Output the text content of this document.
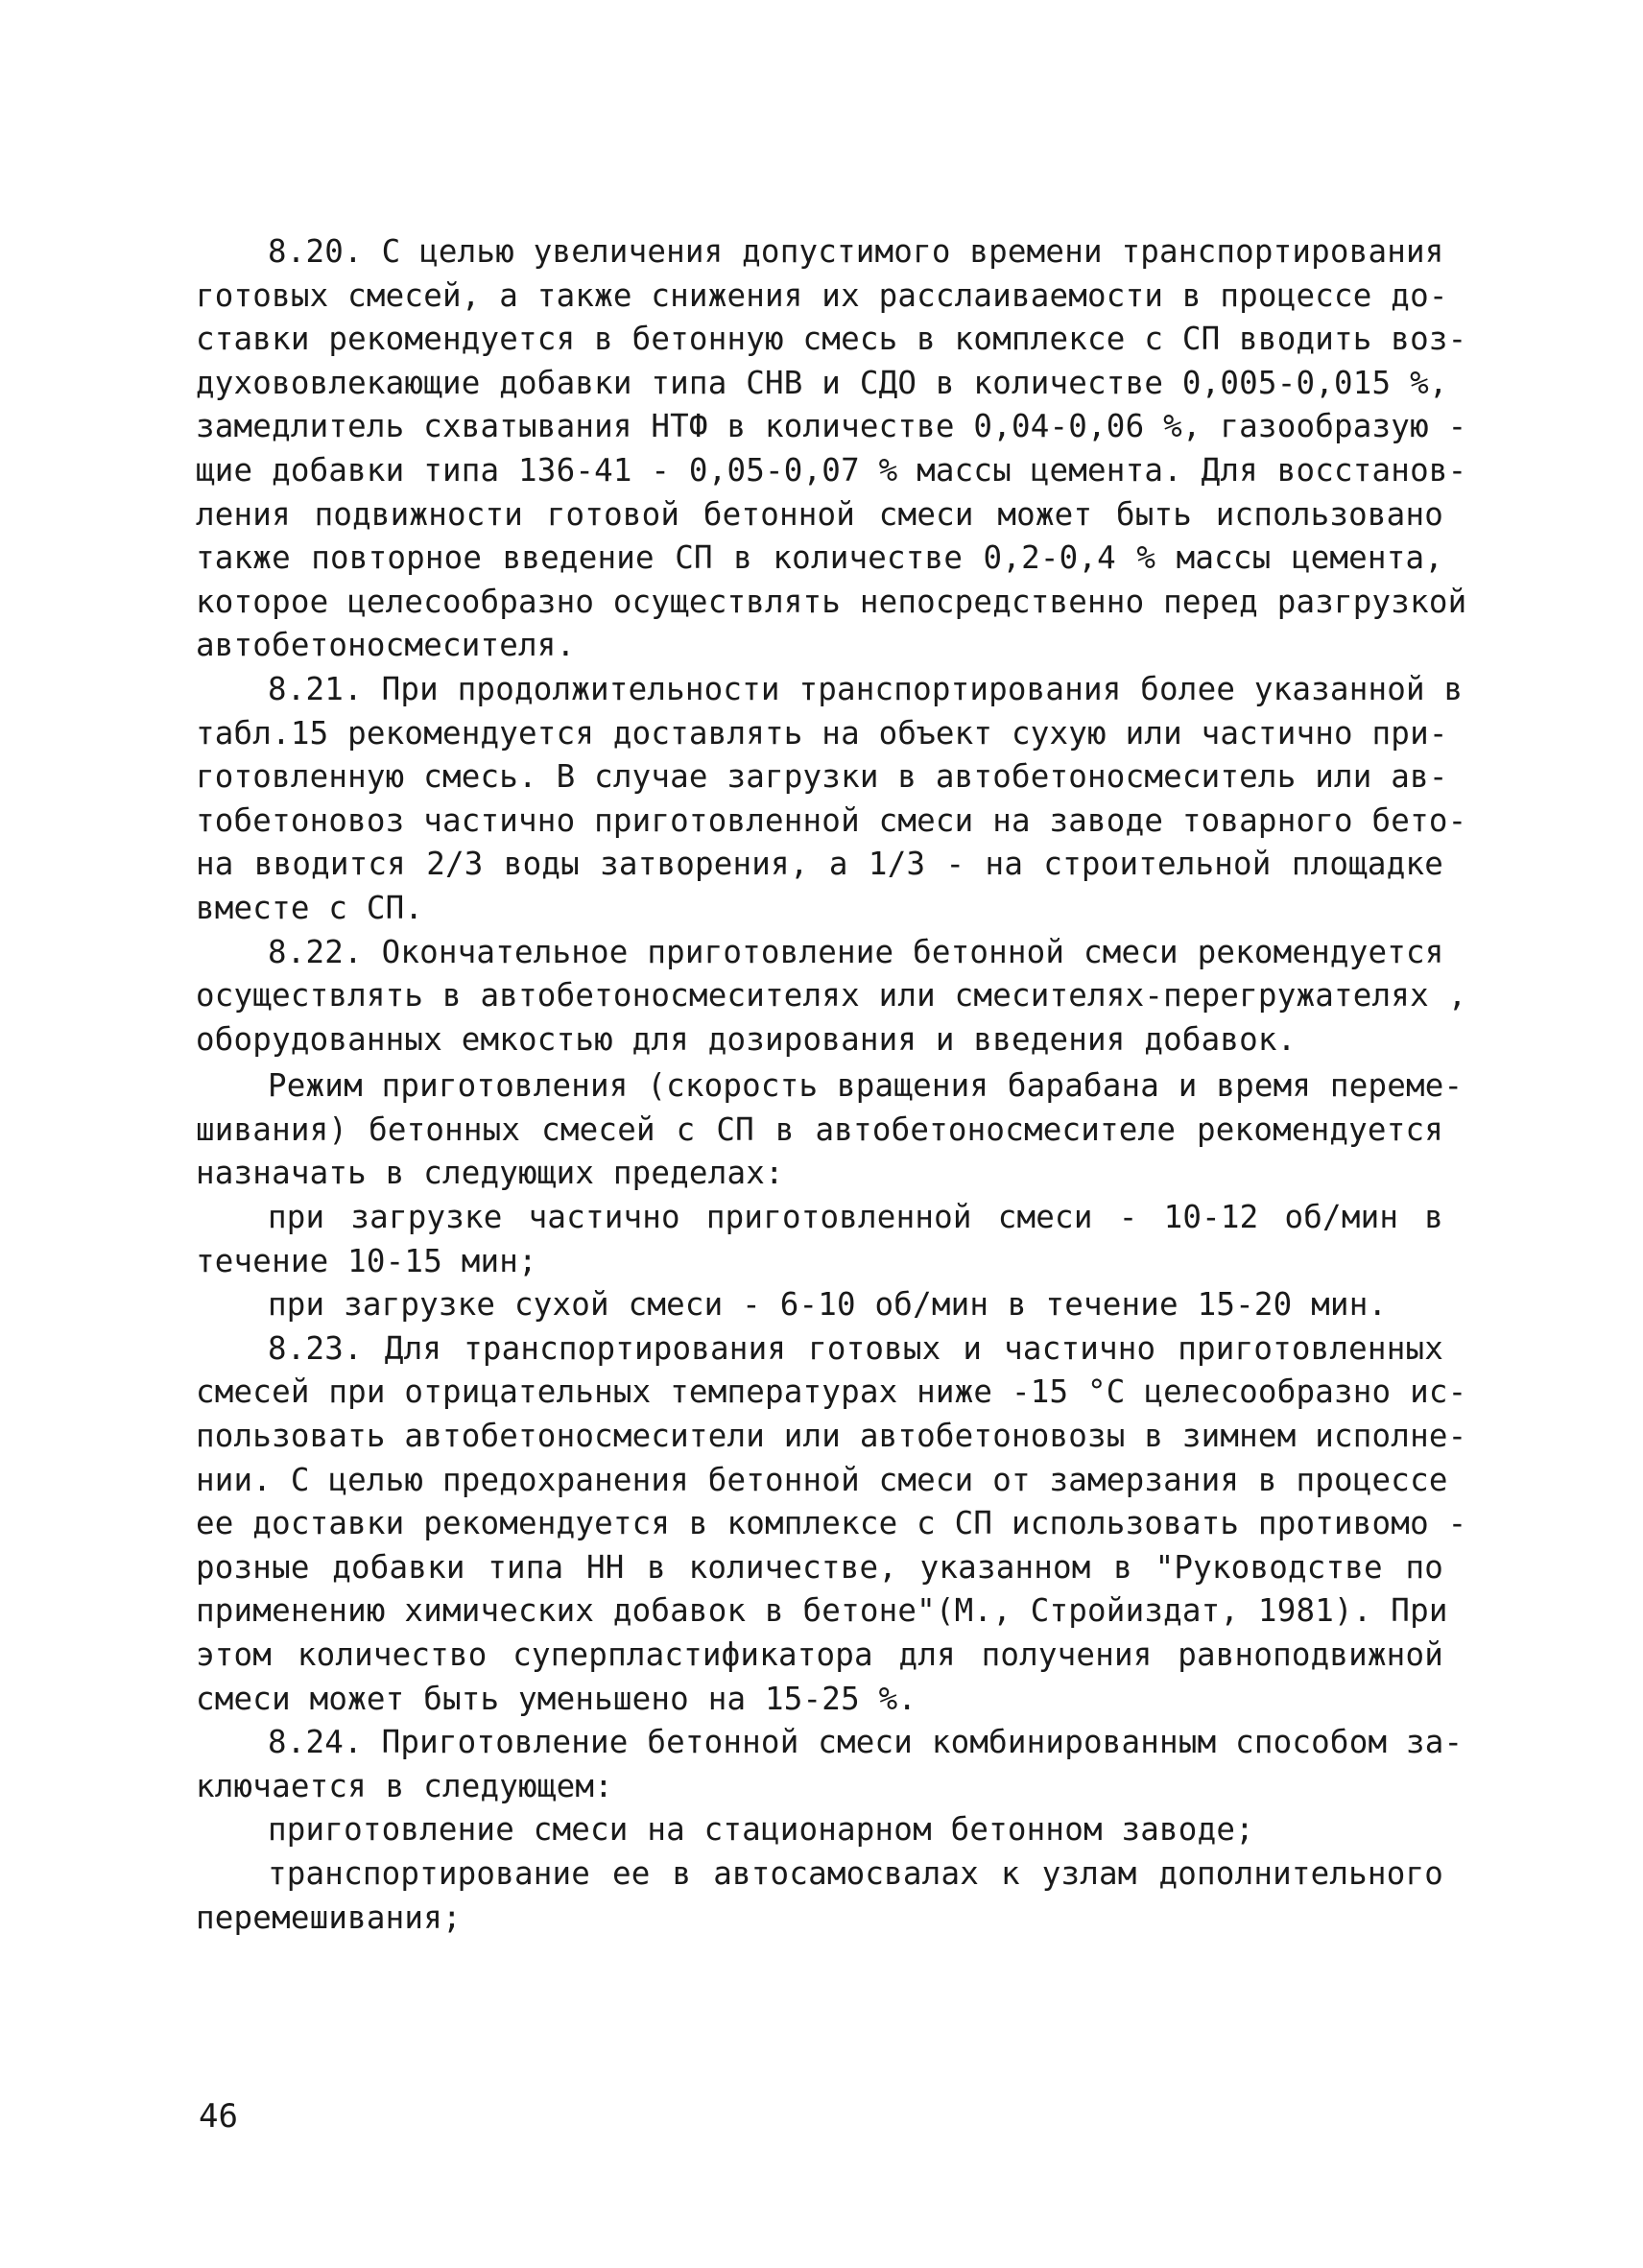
8.20. С целью увеличения допустимого времени транспортирования
готовых смесей, а также снижения их расслаиваемости в процессе до-
ставки рекомендуется в бетонную смесь в комплексе с СП вводить воз-
духововлекающие добавки типа СНВ и СДО в количестве 0,005-0,015 %,
замедлитель схватывания НТФ в количестве 0,04-0,06 %, газообразую -
щие добавки типа 136-41 - 0,05-0,07 % массы цемента. Для восстанов-
ления подвижности готовой бетонной смеси может быть использовано
также повторное введение СП в количестве 0,2-0,4 % массы цемента,
которое целесообразно осуществлять непосредственно перед разгрузкой
автобетоносмесителя.
8.21. При продолжительности транспортирования более указанной в
табл.15 рекомендуется доставлять на объект сухую или частично при-
готовленную смесь. В случае загрузки в автобетоносмеситель или ав-
тобетоновоз частично приготовленной смеси на заводе товарного бето-
на вводится 2/3 воды затворения, а 1/3 - на строительной площадке
вместе с СП.
8.22. Окончательное приготовление бетонной смеси рекомендуется
осуществлять в автобетоносмесителях или смесителях-перегружателях ,
оборудованных емкостью для дозирования и введения добавок.
Режим приготовления (скорость вращения барабана и время переме-
шивания) бетонных смесей с СП в автобетоносмесителе рекомендуется
назначать в следующих пределах:
при загрузке частично приготовленной смеси - 10-12 об/мин в
течение 10-15 мин;
при загрузке сухой смеси - 6-10 об/мин в течение 15-20 мин.
8.23. Для транспортирования готовых и частично приготовленных
смесей при отрицательных температурах ниже -15 °С целесообразно ис-
пользовать автобетоносмесители или автобетоновозы в зимнем исполне-
нии. С целью предохранения бетонной смеси от замерзания в процессе
ее доставки рекомендуется в комплексе с СП использовать противомо -
розные добавки типа НН в количестве, указанном в "Руководстве по
применению химических добавок в бетоне"(М., Стройиздат, 1981). При
этом количество суперпластификатора для получения равноподвижной
смеси может быть уменьшено на 15-25 %.
8.24. Приготовление бетонной смеси комбинированным способом за-
ключается в следующем:
приготовление смеси на стационарном бетонном заводе;
транспортирование ее в автосамосвалах к узлам дополнительного
перемешивания;
46
